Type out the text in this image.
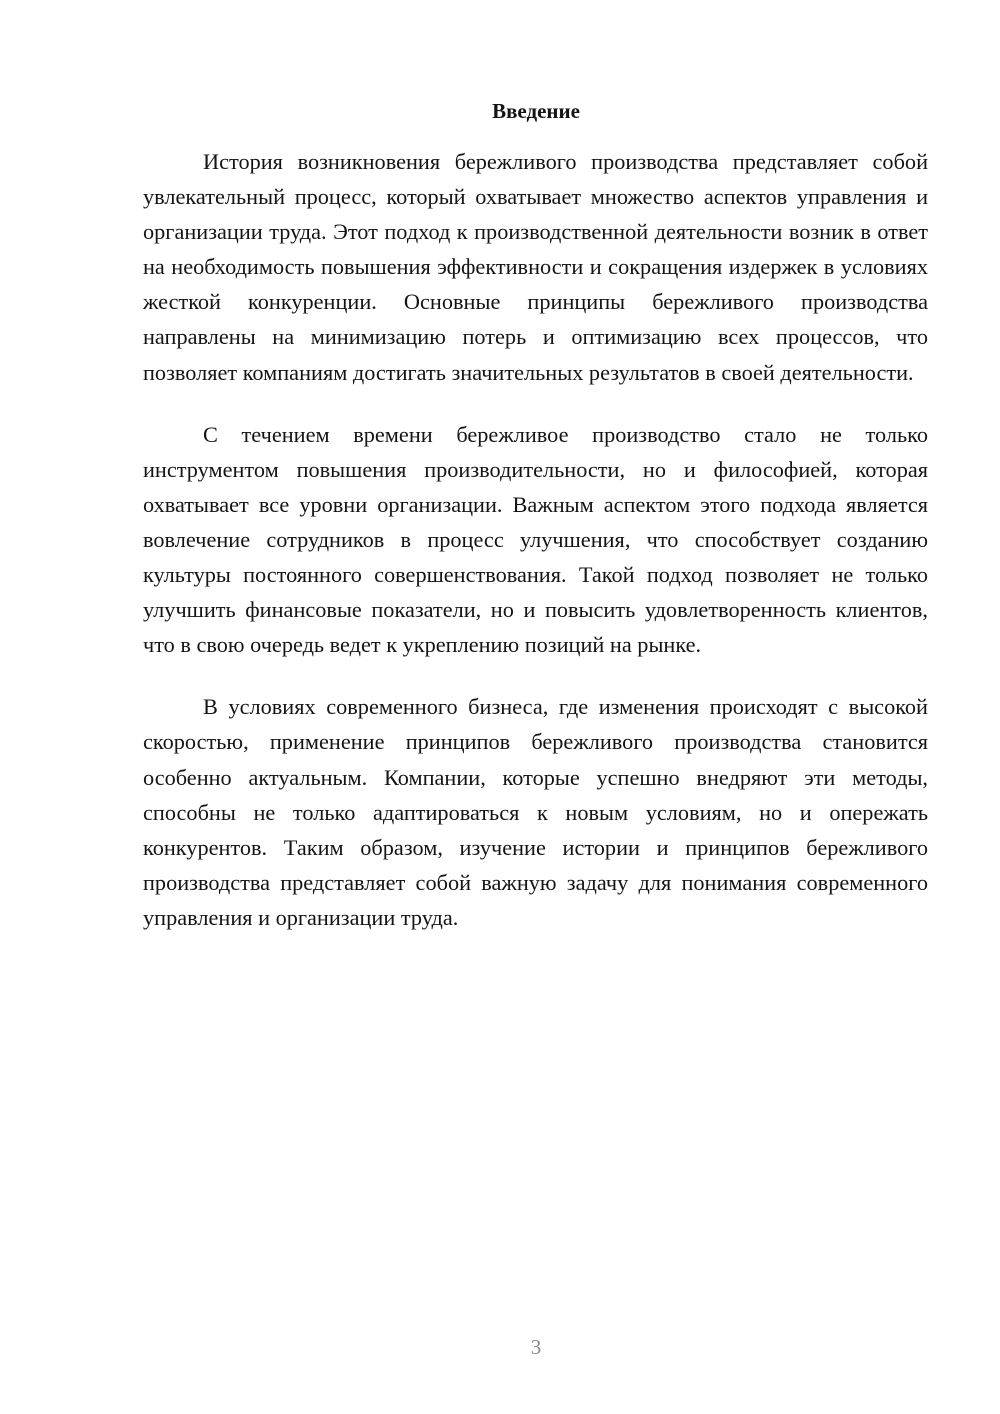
Введение

История возникновения бережливого производства представляет собой увлекательный процесс, который охватывает множество аспектов управления и организации труда. Этот подход к производственной деятельности возник в ответ на необходимость повышения эффективности и сокращения издержек в условиях жесткой конкуренции. Основные принципы бережливого производства направлены на минимизацию потерь и оптимизацию всех процессов, что позволяет компаниям достигать значительных результатов в своей деятельности.

С течением времени бережливое производство стало не только инструментом повышения производительности, но и философией, которая охватывает все уровни организации. Важным аспектом этого подхода является вовлечение сотрудников в процесс улучшения, что способствует созданию культуры постоянного совершенствования. Такой подход позволяет не только улучшить финансовые показатели, но и повысить удовлетворенность клиентов, что в свою очередь ведет к укреплению позиций на рынке.

В условиях современного бизнеса, где изменения происходят с высокой скоростью, применение принципов бережливого производства становится особенно актуальным. Компании, которые успешно внедряют эти методы, способны не только адаптироваться к новым условиям, но и опережать конкурентов. Таким образом, изучение истории и принципов бережливого производства представляет собой важную задачу для понимания современного управления и организации труда.

3
